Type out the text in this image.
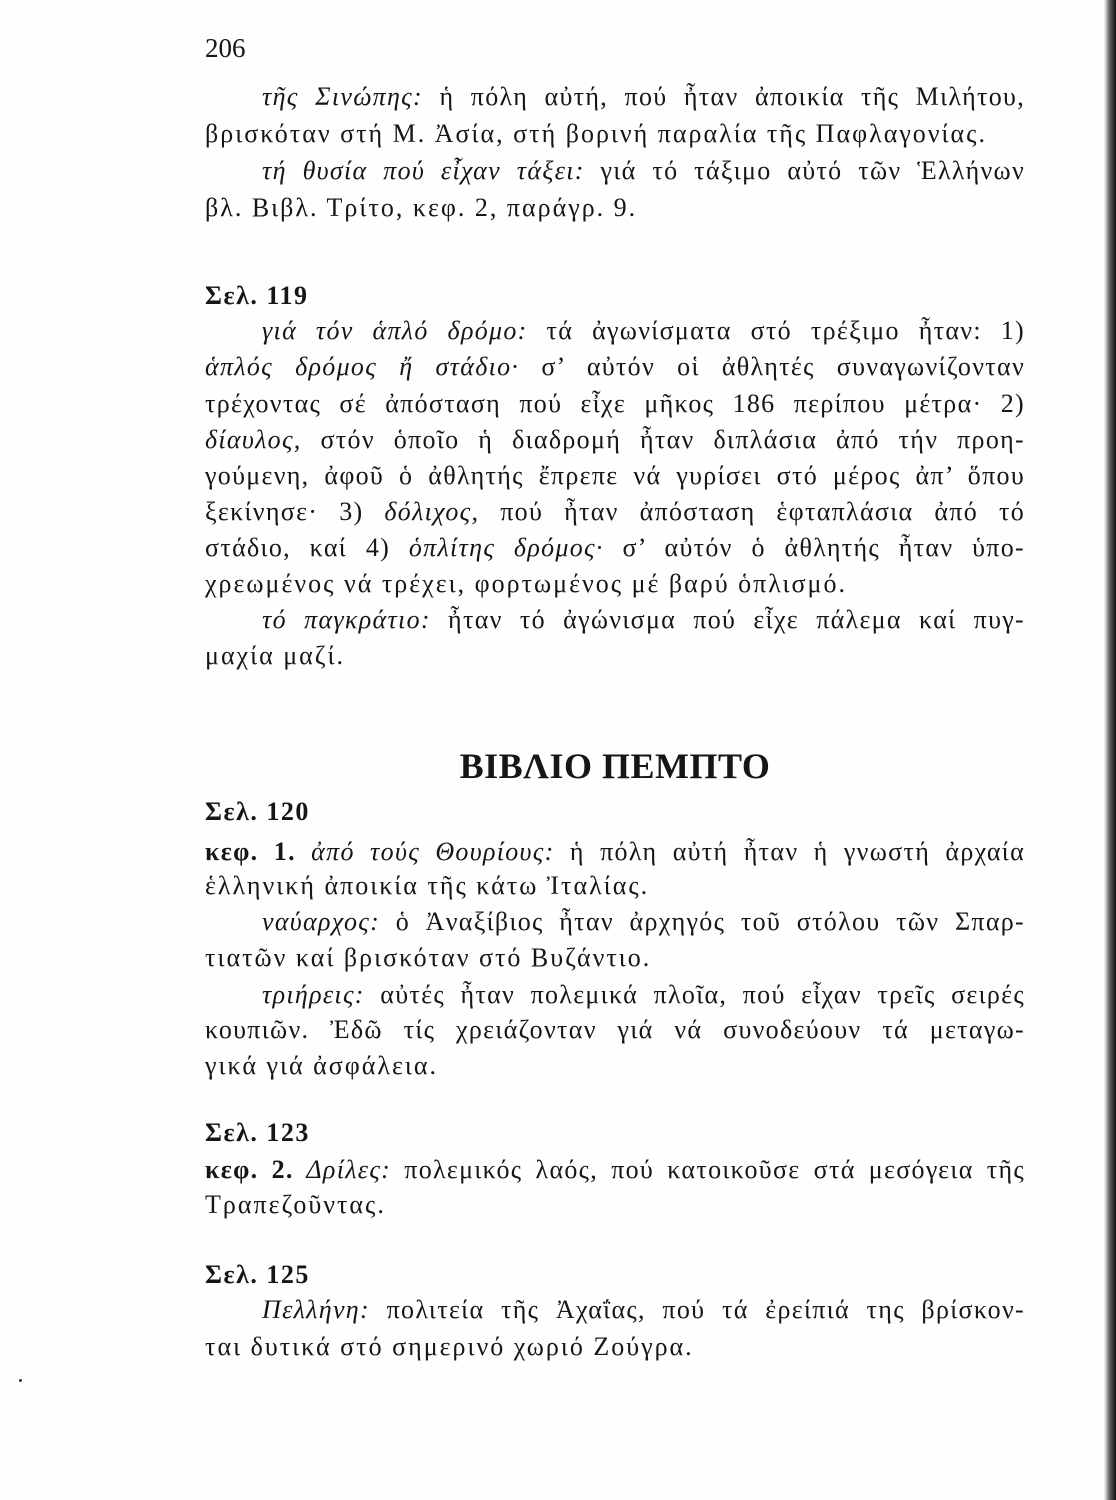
206
τῆς Σινώπης: ἡ πόλη αὐτή, πού ἦταν ἀποικία τῆς Μιλήτου,
βρισκόταν στή Μ. Ἀσία, στή βορινή παραλία τῆς Παφλαγονίας.
τή θυσία πού εἶχαν τάξει: γιά τό τάξιμο αὐτό τῶν Ἑλλήνων
βλ. Βιβλ. Τρίτο, κεφ. 2, παράγρ. 9.
Σελ. 119
γιά τόν ἁπλό δρόμο: τά ἀγωνίσματα στό τρέξιμο ἦταν: 1)
ἁπλός δρόμος ἤ στάδιο· σ’ αὐτόν οἱ ἀθλητές συναγωνίζονταν
τρέχοντας σέ ἀπόσταση πού εἶχε μῆκος 186 περίπου μέτρα· 2)
δίαυλος, στόν ὁποῖο ἡ διαδρομή ἦταν διπλάσια ἀπό τήν προη-
γούμενη, ἀφοῦ ὁ ἀθλητής ἔπρεπε νά γυρίσει στό μέρος ἀπ’ ὅπου
ξεκίνησε· 3) δόλιχος, πού ἦταν ἀπόσταση ἑφταπλάσια ἀπό τό
στάδιο, καί 4) ὁπλίτης δρόμος· σ’ αὐτόν ὁ ἀθλητής ἦταν ὑπο-
χρεωμένος νά τρέχει, φορτωμένος μέ βαρύ ὁπλισμό.
τό παγκράτιο: ἦταν τό ἀγώνισμα πού εἶχε πάλεμα καί πυγ-
μαχία μαζί.
ΒΙΒΛΙΟ ΠΕΜΠΤΟ
Σελ. 120
κεφ. 1. ἀπό τούς Θουρίους: ἡ πόλη αὐτή ἦταν ἡ γνωστή ἀρχαία
ἑλληνική ἀποικία τῆς κάτω Ἰταλίας.
ναύαρχος: ὁ Ἀναξίβιος ἦταν ἀρχηγός τοῦ στόλου τῶν Σπαρ-
τιατῶν καί βρισκόταν στό Βυζάντιο.
τριήρεις: αὐτές ἦταν πολεμικά πλοῖα, πού εἶχαν τρεῖς σειρές
κουπιῶν. Ἐδῶ τίς χρειάζονταν γιά νά συνοδεύουν τά μεταγω-
γικά γιά ἀσφάλεια.
Σελ. 123
κεφ. 2. Δρίλες: πολεμικός λαός, πού κατοικοῦσε στά μεσόγεια τῆς
Τραπεζοῦντας.
Σελ. 125
Πελλήνη: πολιτεία τῆς Ἀχαΐας, πού τά ἐρείπιά της βρίσκον-
ται δυτικά στό σημερινό χωριό Ζούγρα.
